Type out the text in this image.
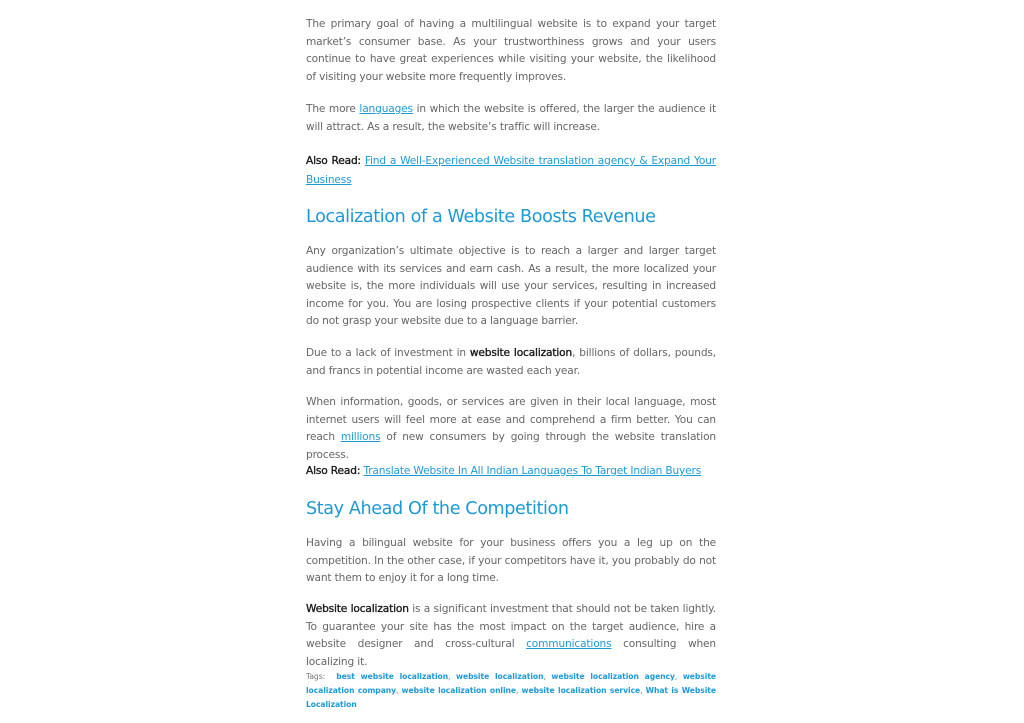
The primary goal of having a multilingual website is to expand your target market’s consumer base. As your trustworthiness grows and your users continue to have great experiences while visiting your website, the likelihood of visiting your website more frequently improves.

The more languages in which the website is offered, the larger the audience it will attract. As a result, the website’s traffic will increase.

Also Read: Find a Well-Experienced Website translation agency & Expand Your Business

Localization of a Website Boosts Revenue

Any organization’s ultimate objective is to reach a larger and larger target audience with its services and earn cash. As a result, the more localized your website is, the more individuals will use your services, resulting in increased income for you. You are losing prospective clients if your potential customers do not grasp your website due to a language barrier.

Due to a lack of investment in website localization, billions of dollars, pounds, and francs in potential income are wasted each year.

When information, goods, or services are given in their local language, most internet users will feel more at ease and comprehend a firm better. You can reach millions of new consumers by going through the website translation process.

Also Read: Translate Website In All Indian Languages To Target Indian Buyers

Stay Ahead Of the Competition

Having a bilingual website for your business offers you a leg up on the competition. In the other case, if your competitors have it, you probably do not want them to enjoy it for a long time.

Website localization is a significant investment that should not be taken lightly. To guarantee your site has the most impact on the target audience, hire a website designer and cross-cultural communications consulting when localizing it.

Tags: best website localization, website localization, website localization agency, website localization company, website localization online, website localization service, What is Website Localization
